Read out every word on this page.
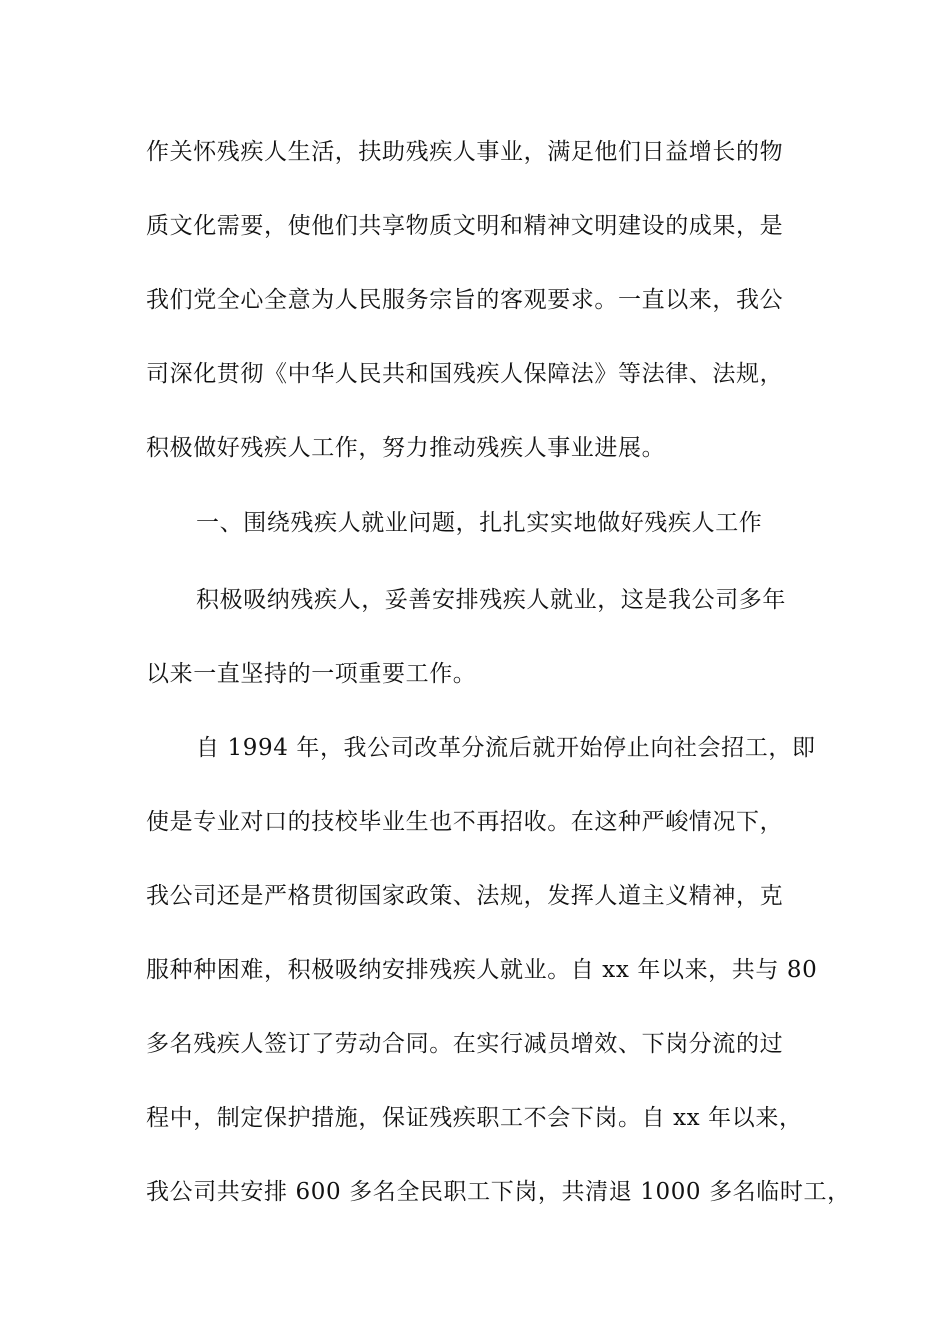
作关怀残疾人生活，扶助残疾人事业，满足他们日益增长的物
质文化需要，使他们共享物质文明和精神文明建设的成果，是
我们党全心全意为人民服务宗旨的客观要求。一直以来，我公
司深化贯彻《中华人民共和国残疾人保障法》等法律、法规，
积极做好残疾人工作，努力推动残疾人事业进展。
一、围绕残疾人就业问题，扎扎实实地做好残疾人工作
积极吸纳残疾人，妥善安排残疾人就业，这是我公司多年
以来一直坚持的一项重要工作。
自 1994 年，我公司改革分流后就开始停止向社会招工，即
使是专业对口的技校毕业生也不再招收。在这种严峻情况下，
我公司还是严格贯彻国家政策、法规，发挥人道主义精神，克
服种种困难，积极吸纳安排残疾人就业。自 xx 年以来，共与 80
多名残疾人签订了劳动合同。在实行减员增效、下岗分流的过
程中，制定保护措施，保证残疾职工不会下岗。自 xx 年以来，
我公司共安排 600 多名全民职工下岗，共清退 1000 多名临时工，
